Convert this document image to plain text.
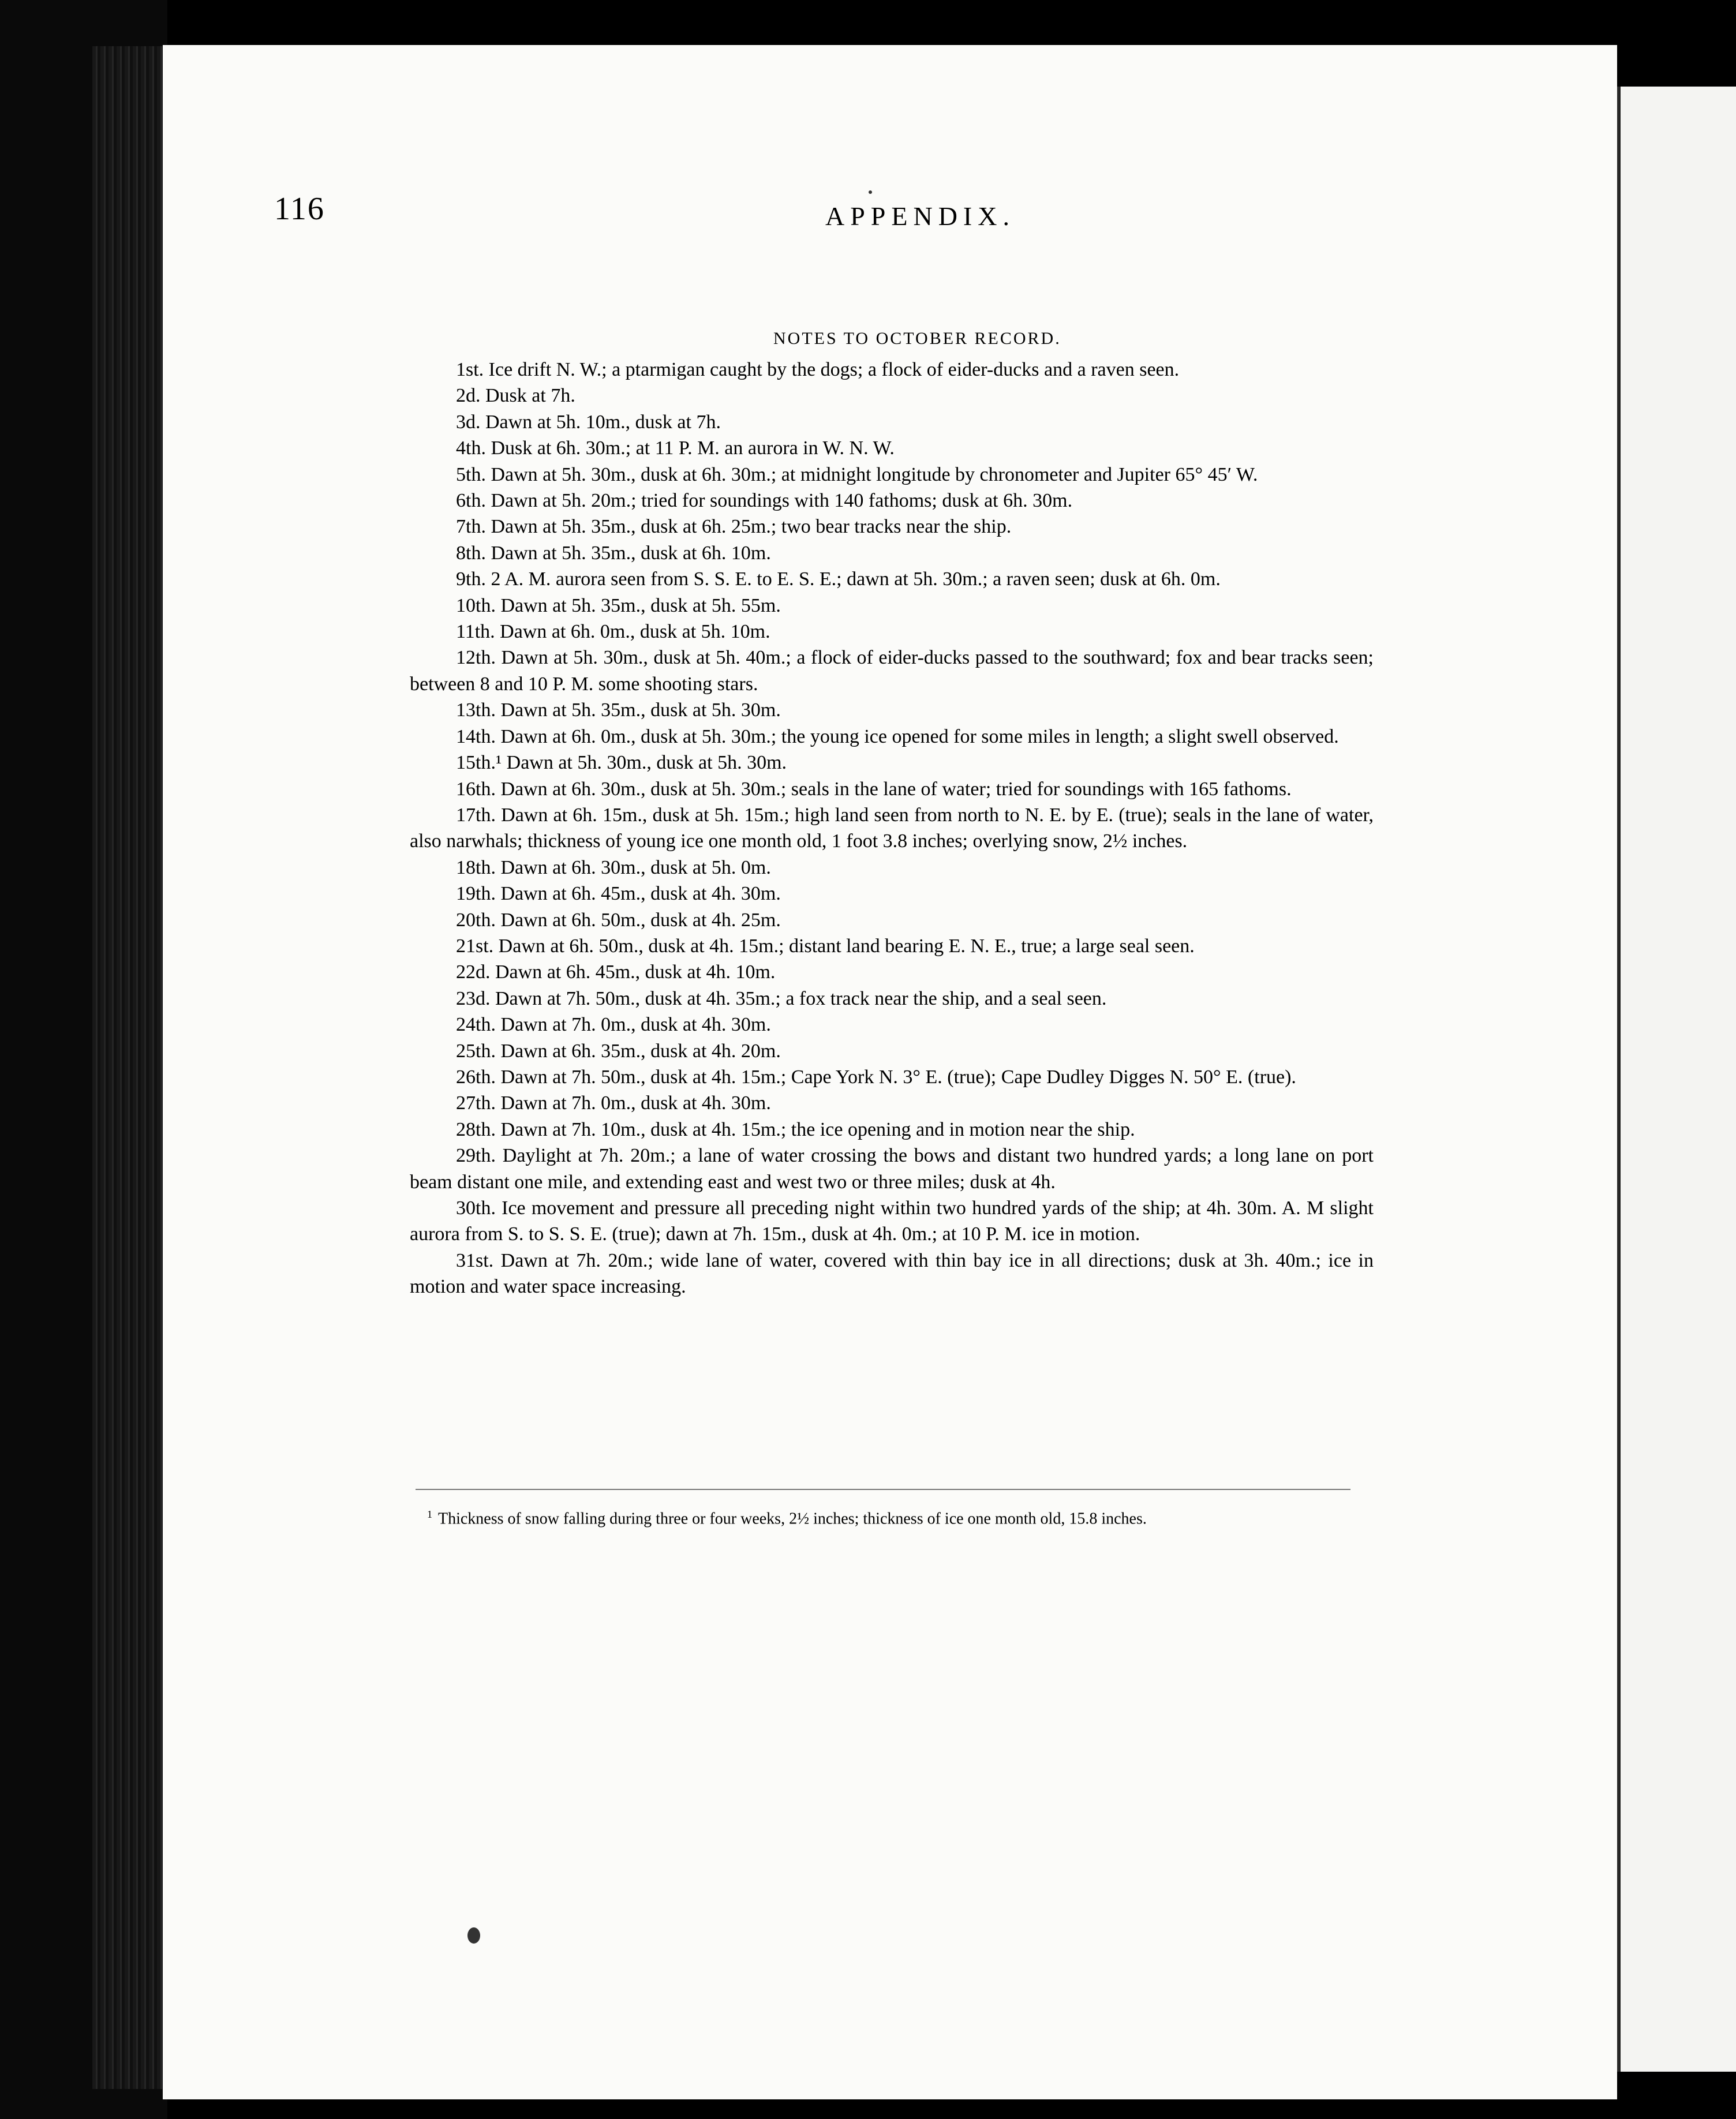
116	APPENDIX.
NOTES TO OCTOBER RECORD.

1st. Ice drift N. W.; a ptarmigan caught by the dogs; a flock of eider-ducks and a raven seen.

2d. Dusk at 7h.

3d. Dawn at 5h. 10m., dusk at 7h.

4th. Dusk at 6h. 30m.; at 11 P. M. an aurora in W. N. W.

5th. Dawn at 5h. 30m., dusk at 6h. 30m.; at midnight longitude by chronometer and Jupiter 65° 45′ W.

6th. Dawn at 5h. 20m.; tried for soundings with 140 fathoms; dusk at 6h. 30m.

7th. Dawn at 5h. 35m., dusk at 6h. 25m.; two bear tracks near the ship.

8th. Dawn at 5h. 35m., dusk at 6h. 10m.

9th. 2 A. M. aurora seen from S. S. E. to E. S. E.; dawn at 5h. 30m.; a raven seen; dusk at 6h. 0m.

10th. Dawn at 5h. 35m., dusk at 5h. 55m.

11th. Dawn at 6h. 0m., dusk at 5h. 10m.

12th. Dawn at 5h. 30m., dusk at 5h. 40m.; a flock of eider-ducks passed to the southward; fox and bear tracks seen; between 8 and 10 P. M. some shooting stars.

13th. Dawn at 5h. 35m., dusk at 5h. 30m.

14th. Dawn at 6h. 0m., dusk at 5h. 30m.; the young ice opened for some miles in length; a slight swell observed.

15th.¹ Dawn at 5h. 30m., dusk at 5h. 30m.

16th. Dawn at 6h. 30m., dusk at 5h. 30m.; seals in the lane of water; tried for soundings with 165 fathoms.

17th. Dawn at 6h. 15m., dusk at 5h. 15m.; high land seen from north to N. E. by E. (true); seals in the lane of water, also narwhals; thickness of young ice one month old, 1 foot 3.8 inches; overlying snow, 2½ inches.

18th. Dawn at 6h. 30m., dusk at 5h. 0m.

19th. Dawn at 6h. 45m., dusk at 4h. 30m.

20th. Dawn at 6h. 50m., dusk at 4h. 25m.

21st. Dawn at 6h. 50m., dusk at 4h. 15m.; distant land bearing E. N. E., true; a large seal seen.

22d. Dawn at 6h. 45m., dusk at 4h. 10m.

23d. Dawn at 7h. 50m., dusk at 4h. 35m.; a fox track near the ship, and a seal seen.

24th. Dawn at 7h. 0m., dusk at 4h. 30m.

25th. Dawn at 6h. 35m., dusk at 4h. 20m.

26th. Dawn at 7h. 50m., dusk at 4h. 15m.; Cape York N. 3° E. (true); Cape Dudley Digges N. 50° E. (true).

27th. Dawn at 7h. 0m., dusk at 4h. 30m.

28th. Dawn at 7h. 10m., dusk at 4h. 15m.; the ice opening and in motion near the ship.

29th. Daylight at 7h. 20m.; a lane of water crossing the bows and distant two hundred yards; a long lane on port beam distant one mile, and extending east and west two or three miles; dusk at 4h.

30th. Ice movement and pressure all preceding night within two hundred yards of the ship; at 4h. 30m. A. M slight aurora from S. to S. S. E. (true); dawn at 7h. 15m., dusk at 4h. 0m.; at 10 P. M. ice in motion.

31st. Dawn at 7h. 20m.; wide lane of water, covered with thin bay ice in all directions; dusk at 3h. 40m.; ice in motion and water space increasing.

$^1$ Thickness of snow falling during three or four weeks, 2½ inches; thickness of ice one month old, 15.8 inches.
